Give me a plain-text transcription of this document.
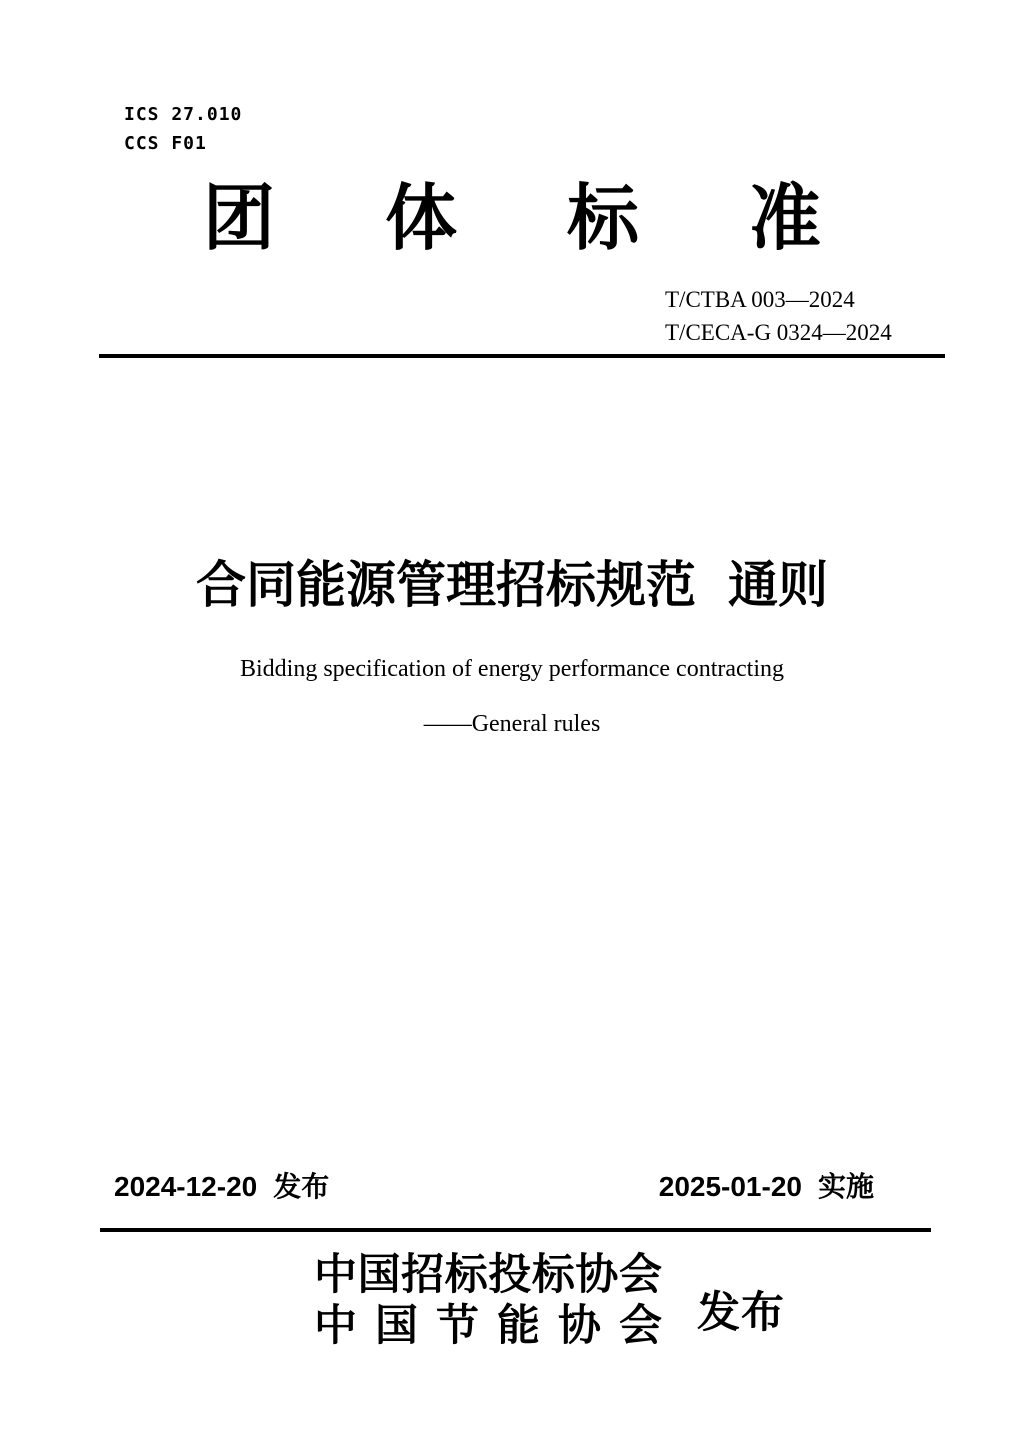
ICS 27.010
CCS F01
团 体 标 准
T/CTBA 003—2024
T/CECA-G 0324—2024
合同能源管理招标规范 通则
Bidding specification of energy performance contracting
——General rules
2024-12-20 发布	2025-01-20 实施
中 国 招 标 投 标 协 会
中 国 节 能 协 会 发布
